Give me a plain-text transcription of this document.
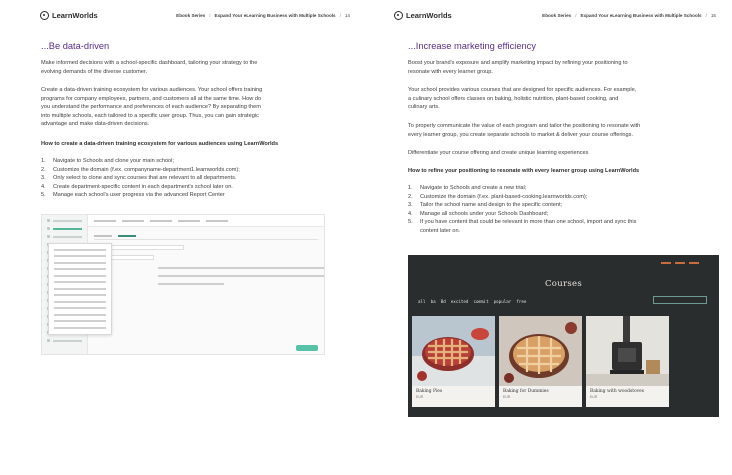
LearnWorlds	Ebook Series / Expand Your eLearning Business with Multiple Schools / 14
...Be data-driven
Make informed decisions with a school-specific dashboard, tailoring your strategy to the
evolving demands of the diverse customer.
Create a data-driven training ecosystem for various audiences. Your school offers training
programs for company employees, partners, and customers all at the same time. How do
you understand the performance and preferences of each audience? By separating them
into multiple schools, each tailored to a specific user group. Thus, you can gain strategic
advantage and make data-driven decisions.
How to create a data-driven training ecosystem for various audiences using LearnWorlds
1.	Navigate to Schools and clone your main school;
2.	Customize the domain (f.ex. companyname-department1.learnworlds.com);
3.	Only select to clone and sync courses that are relevant to all departments.
4.	Create department-specific content in each department's school later on.
5.	Manage each school's user progress via the advanced Report Center
LearnWorlds	Ebook Series / Expand Your eLearning Business with Multiple Schools / 15
...Increase marketing efficiency
Boost your brand's exposure and amplify marketing impact by refining your positioning to
resonate with every learner group.
Your school provides various courses that are designed for specific audiences. For example,
a culinary school offers classes on baking, holistic nutrition, plant-based cooking, and
culinary arts.
To properly communicate the value of each program and tailor the positioning to resonate with
every learner group, you create separate schools to market & deliver your course offerings.
Differentiate your course offering and create unique learning experiences
How to refine your positioning to resonate with every learner group using LearnWorlds
1.	Navigate to Schools and create a new trial;
2.	Customize the domain (f.ex. plant-based-cooking.learnworlds.com);
3.	Tailor the school name and design to the specific content;
4.	Manage all schools under your Schools Dashboard;
5.	If you have content that could be relevant in more than one school, import and sync this
content later on.
Courses
all  ba  Bd  excited  commit  popular  free
Baking Pies
EUR
Baking for Dummies
EUR
Baking with woodstoves
EUR
